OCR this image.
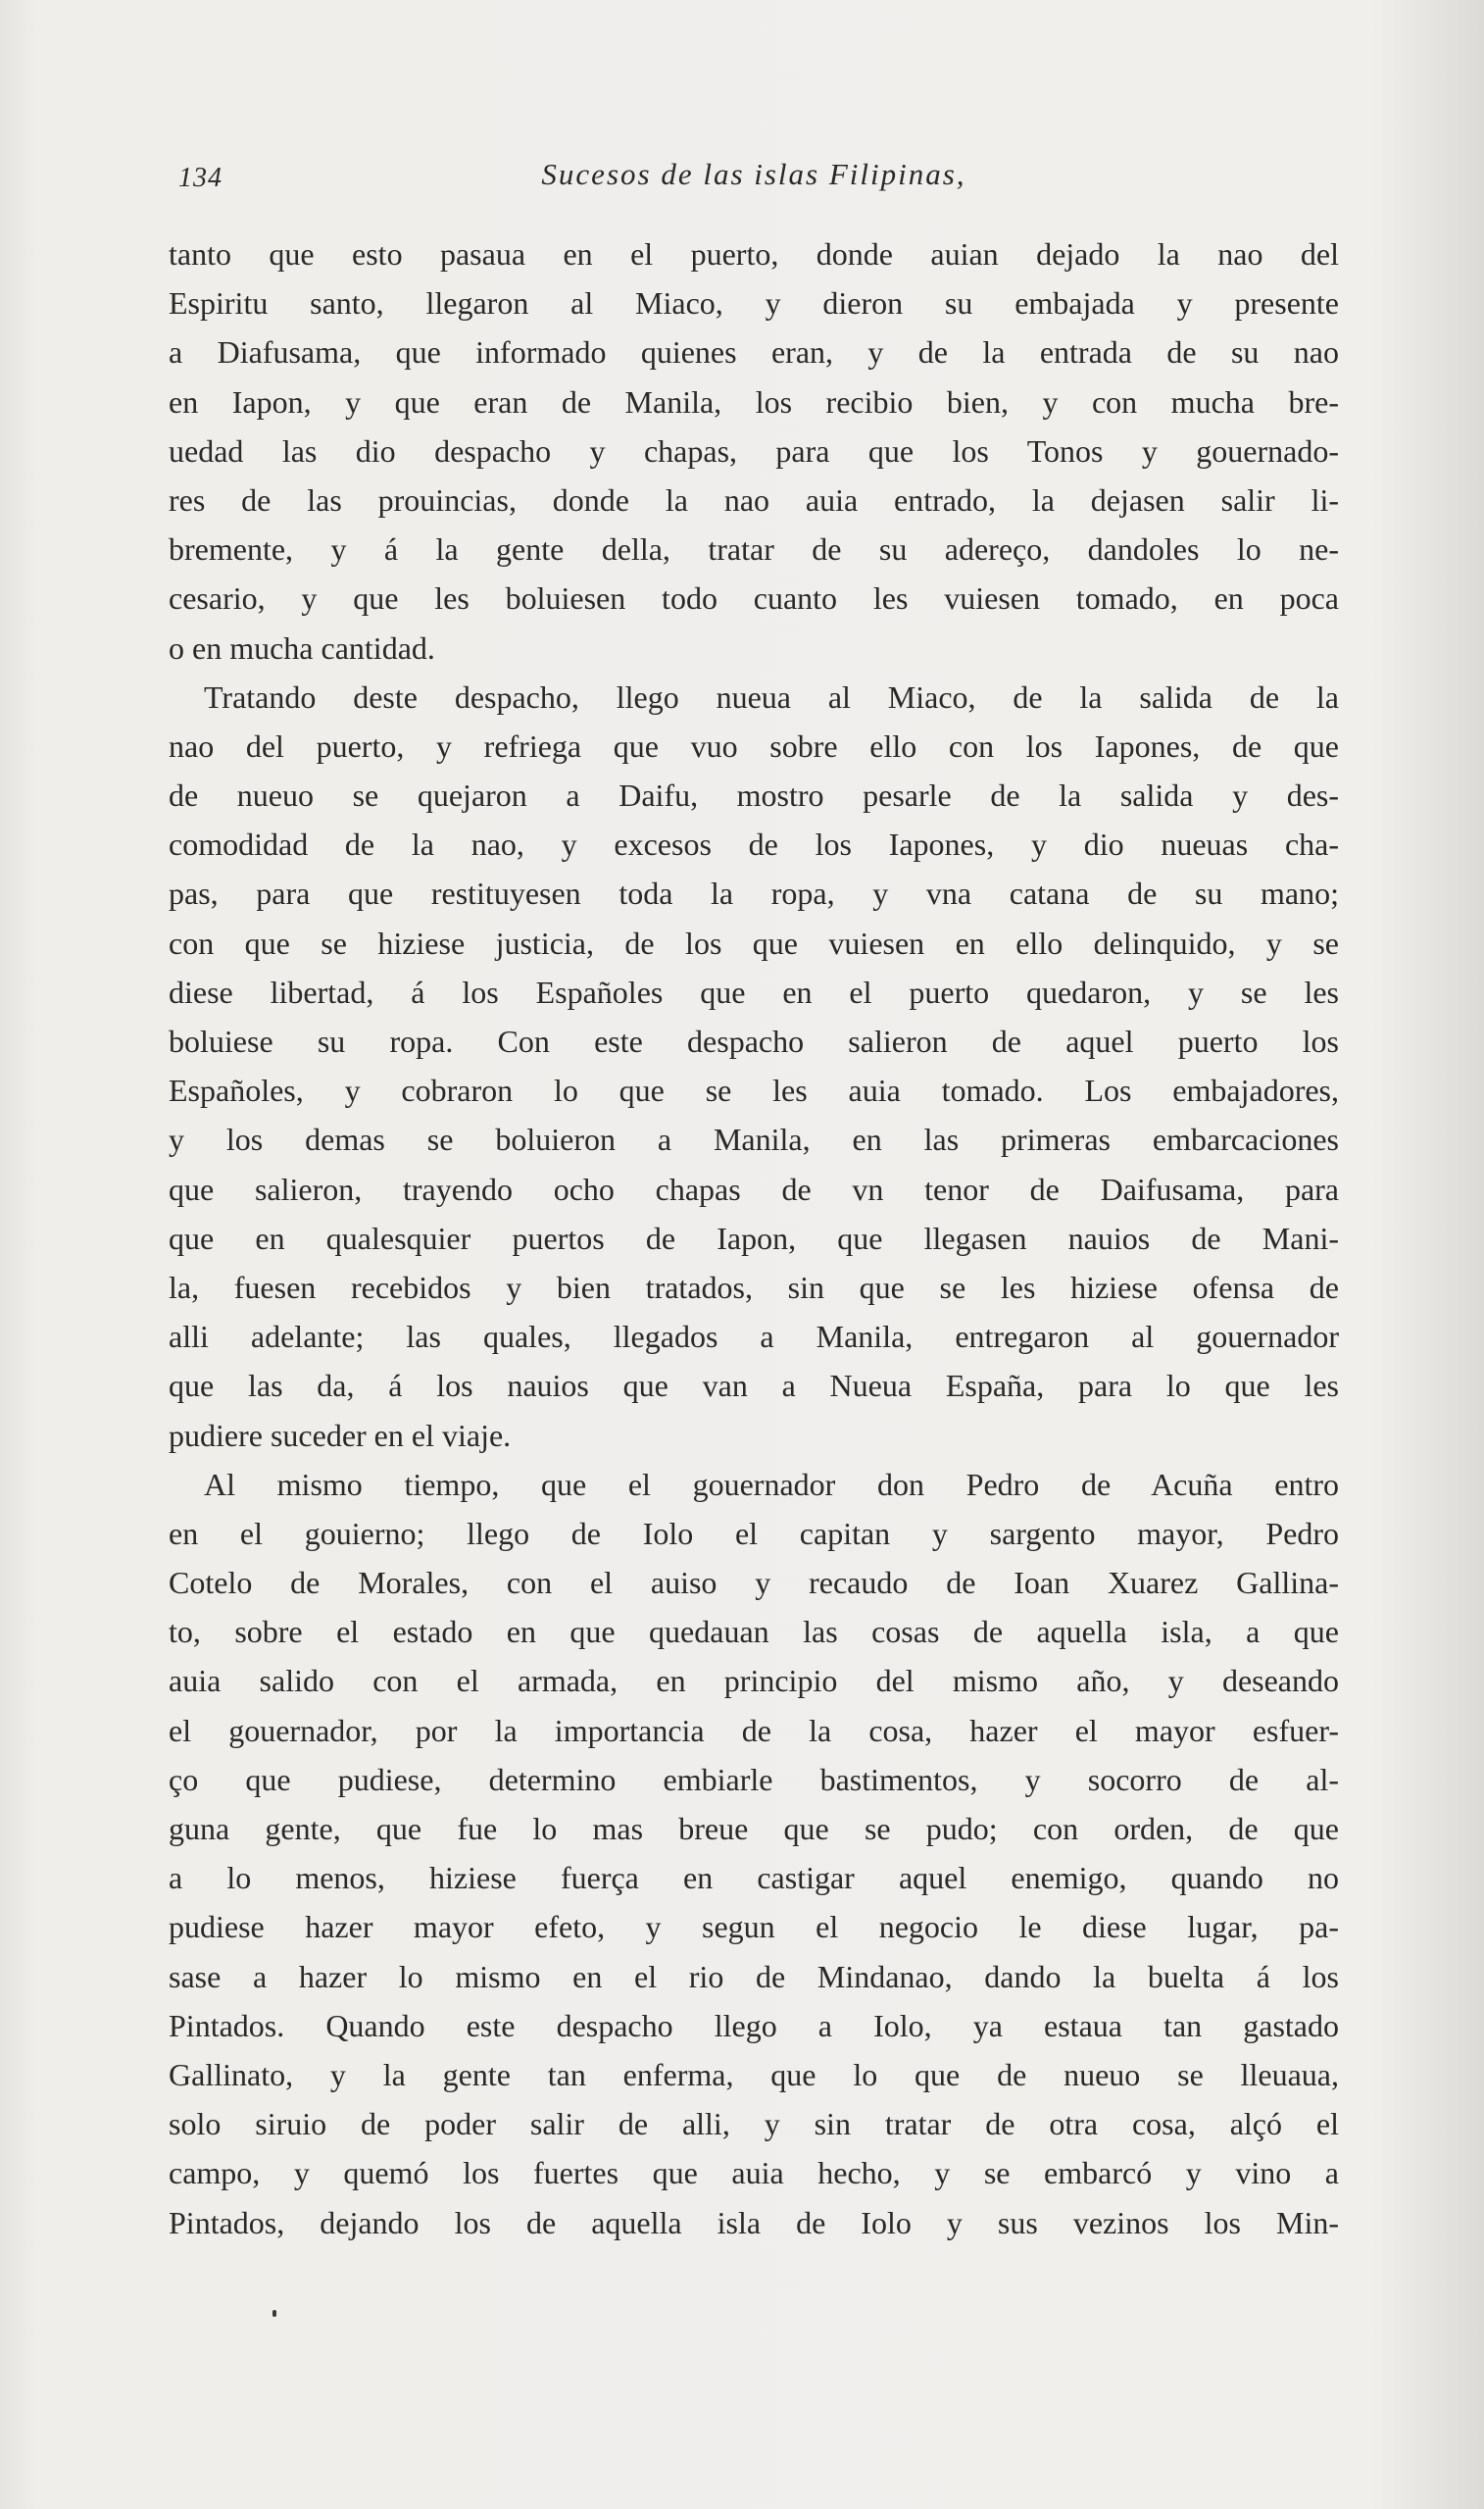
134	Sucesos de las islas Filipinas,
tanto que esto pasaua en el puerto, donde auian dejado la nao del
Espiritu santo, llegaron al Miaco, y dieron su embajada y presente
a Diafusama, que informado quienes eran, y de la entrada de su nao
en Iapon, y que eran de Manila, los recibio bien, y con mucha bre-
uedad las dio despacho y chapas, para que los Tonos y gouernado-
res de las prouincias, donde la nao auia entrado, la dejasen salir li-
bremente, y á la gente della, tratar de su adereço, dandoles lo ne-
cesario, y que les boluiesen todo cuanto les vuiesen tomado, en poca
o en mucha cantidad.
Tratando deste despacho, llego nueua al Miaco, de la salida de la
nao del puerto, y refriega que vuo sobre ello con los Iapones, de que
de nueuo se quejaron a Daifu, mostro pesarle de la salida y des-
comodidad de la nao, y excesos de los Iapones, y dio nueuas cha-
pas, para que restituyesen toda la ropa, y vna catana de su mano;
con que se hiziese justicia, de los que vuiesen en ello delinquido, y se
diese libertad, á los Españoles que en el puerto quedaron, y se les
boluiese su ropa. Con este despacho salieron de aquel puerto los
Españoles, y cobraron lo que se les auia tomado. Los embajadores,
y los demas se boluieron a Manila, en las primeras embarcaciones
que salieron, trayendo ocho chapas de vn tenor de Daifusama, para
que en qualesquier puertos de Iapon, que llegasen nauios de Mani-
la, fuesen recebidos y bien tratados, sin que se les hiziese ofensa de
alli adelante; las quales, llegados a Manila, entregaron al gouernador
que las da, á los nauios que van a Nueua España, para lo que les
pudiere suceder en el viaje.
Al mismo tiempo, que el gouernador don Pedro de Acuña entro
en el gouierno; llego de Iolo el capitan y sargento mayor, Pedro
Cotelo de Morales, con el auiso y recaudo de Ioan Xuarez Gallina-
to, sobre el estado en que quedauan las cosas de aquella isla, a que
auia salido con el armada, en principio del mismo año, y deseando
el gouernador, por la importancia de la cosa, hazer el mayor esfuer-
ço que pudiese, determino embiarle bastimentos, y socorro de al-
guna gente, que fue lo mas breue que se pudo; con orden, de que
a lo menos, hiziese fuerça en castigar aquel enemigo, quando no
pudiese hazer mayor efeto, y segun el negocio le diese lugar, pa-
sase a hazer lo mismo en el rio de Mindanao, dando la buelta á los
Pintados. Quando este despacho llego a Iolo, ya estaua tan gastado
Gallinato, y la gente tan enferma, que lo que de nueuo se lleuaua,
solo siruio de poder salir de alli, y sin tratar de otra cosa, alçó el
campo, y quemó los fuertes que auia hecho, y se embarcó y vino a
Pintados, dejando los de aquella isla de Iolo y sus vezinos los Min-
